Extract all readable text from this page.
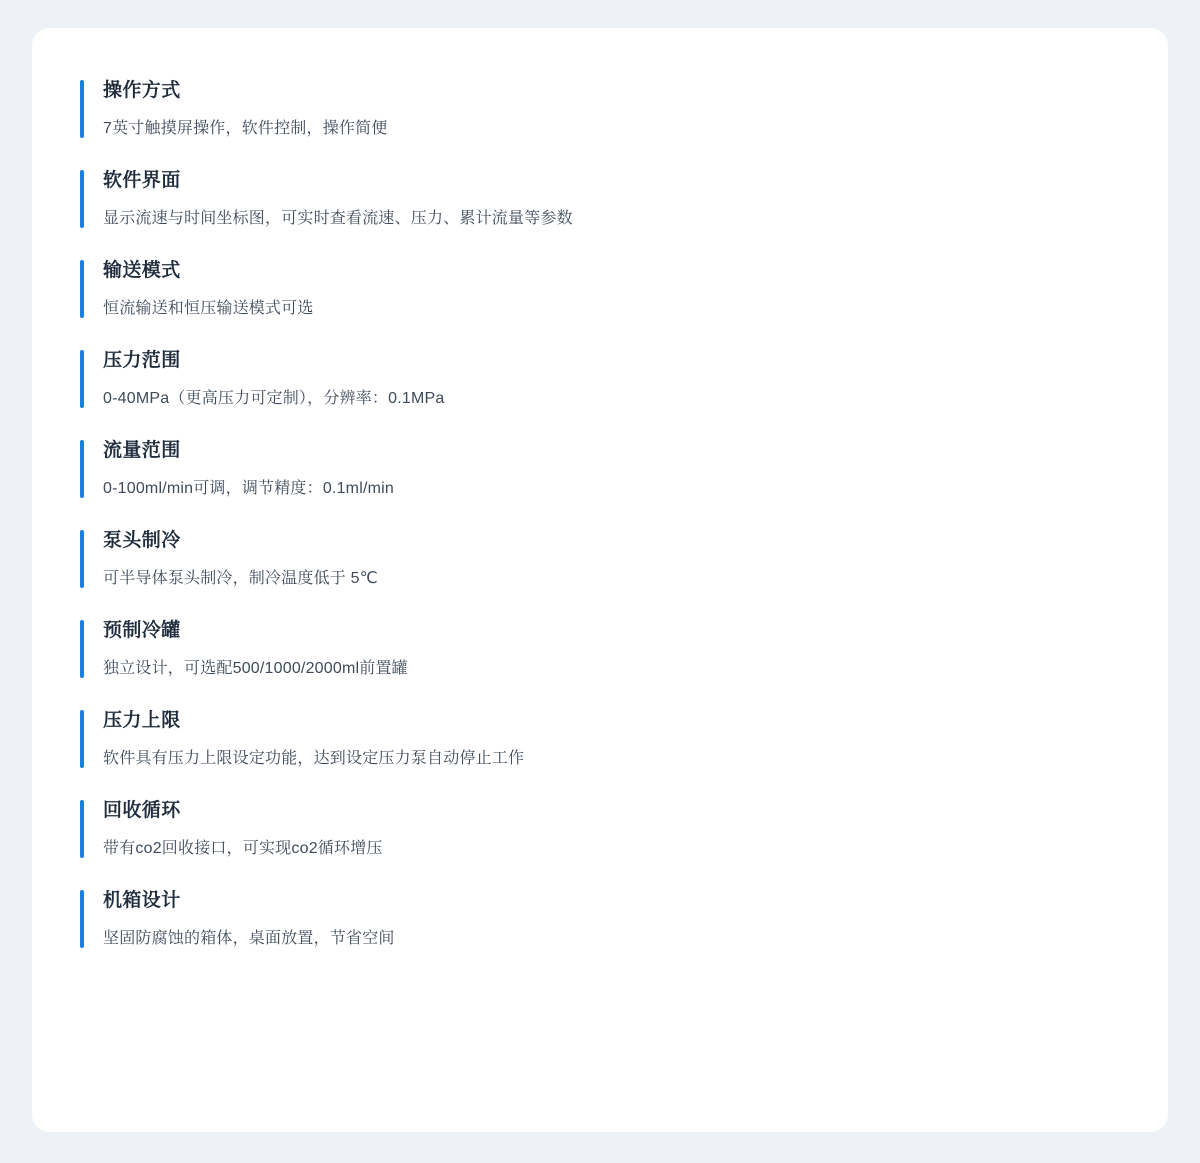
操作方式
7英寸触摸屏操作，软件控制，操作简便
软件界面
显示流速与时间坐标图，可实时查看流速、压力、累计流量等参数
输送模式
恒流输送和恒压输送模式可选
压力范围
0-40MPa（更高压力可定制），分辨率：0.1MPa
流量范围
0-100ml/min可调，调节精度：0.1ml/min
泵头制冷
可半导体泵头制冷，制冷温度低于 5℃
预制冷罐
独立设计，可选配500/1000/2000ml前置罐
压力上限
软件具有压力上限设定功能，达到设定压力泵自动停止工作
回收循环
带有co2回收接口，可实现co2循环增压
机箱设计
坚固防腐蚀的箱体，桌面放置，节省空间
